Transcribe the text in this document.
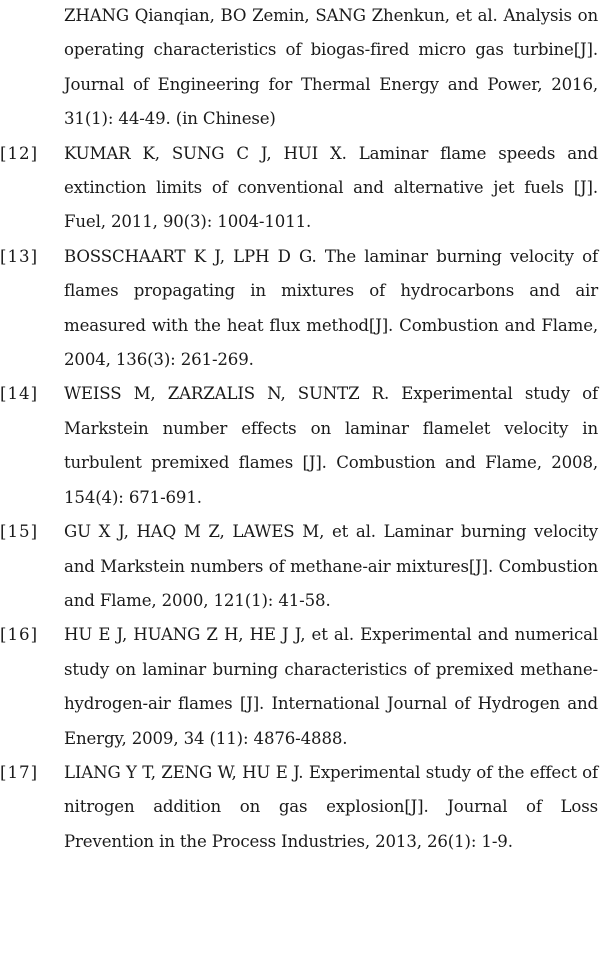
ZHANG Qianqian, BO Zemin, SANG Zhenkun, et al. Analysis on operating characteristics of biogas-fired micro gas turbine[J]. Journal of Engineering for Thermal Energy and Power, 2016, 31(1): 44-49. (in Chinese)
[12]	KUMAR K, SUNG C J, HUI X. Laminar flame speeds and extinction limits of conventional and alternative jet fuels [J]. Fuel, 2011, 90(3): 1004-1011.
[13]	BOSSCHAART K J, LPH D G. The laminar burning velocity of flames propagating in mixtures of hydrocarbons and air measured with the heat flux method[J]. Combustion and Flame, 2004, 136(3): 261-269.
[14]	WEISS M, ZARZALIS N, SUNTZ R. Experimental study of Markstein number effects on laminar flamelet velocity in turbulent premixed flames [J]. Combustion and Flame, 2008, 154(4): 671-691.
[15]	GU X J, HAQ M Z, LAWES M, et al. Laminar burning velocity and Markstein numbers of methane-air mixtures[J]. Combustion and Flame, 2000, 121(1): 41-58.
[16]	HU E J, HUANG Z H, HE J J, et al. Experimental and numerical study on laminar burning characteristics of premixed methane-hydrogen-air flames [J]. International Journal of Hydrogen and Energy, 2009, 34 (11): 4876-4888.
[17]	LIANG Y T, ZENG W, HU E J. Experimental study of the effect of nitrogen addition on gas explosion[J]. Journal of Loss Prevention in the Process Industries, 2013, 26(1): 1-9.
